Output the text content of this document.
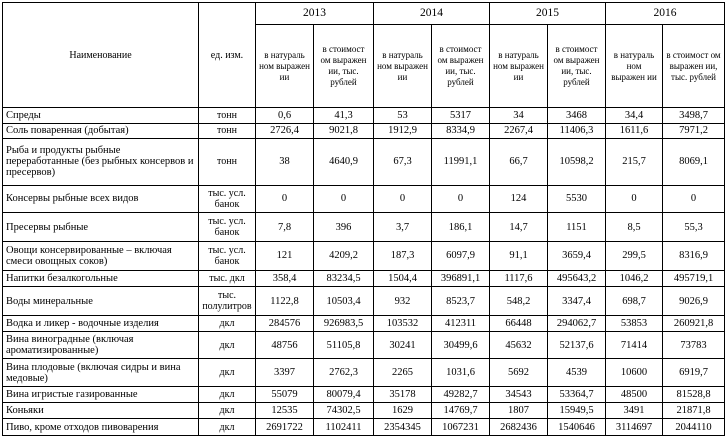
Наименование	ед. изм.	2013		2014		2015		2016	
		в натураль ном выражен ии	в стоимост ом выражен ии, тыс. рублей	в натураль ном выражен ии	в стоимост ом выражен ии, тыс. рублей	в натураль ном выражен ии	в стоимост ом выражен ии, тыс. рублей	в натураль ном выражен ии	в стоимост ом выражен ии, тыс. рублей
Спреды	тонн	0,6	41,3	53	5317	34	3468	34,4	3498,7
Соль поваренная (добытая)	тонн	2726,4	9021,8	1912,9	8334,9	2267,4	11406,3	1611,6	7971,2
Рыба и продукты рыбные переработанные (без рыбных консервов и пресервов)	тонн	38	4640,9	67,3	11991,1	66,7	10598,2	215,7	8069,1
Консервы рыбные всех видов	тыс. усл. банок	0	0	0	0	124	5530	0	0
Пресервы рыбные	тыс. усл. банок	7,8	396	3,7	186,1	14,7	1151	8,5	55,3
Овощи консервированные – включая смеси овощных соков)	тыс. усл. банок	121	4209,2	187,3	6097,9	91,1	3659,4	299,5	8316,9
Напитки безалкогольные	тыс. дкл	358,4	83234,5	1504,4	396891,1	1117,6	495643,2	1046,2	495719,1
Воды минеральные	тыс. полулитров	1122,8	10503,4	932	8523,7	548,2	3347,4	698,7	9026,9
Водка и ликер - водочные изделия	дкл	284576	926983,5	103532	412311	66448	294062,7	53853	260921,8
Вина виноградные (включая ароматизированные)	дкл	48756	51105,8	30241	30499,6	45632	52137,6	71414	73783
Вина плодовые (включая сидры и вина медовые)	дкл	3397	2762,3	2265	1031,6	5692	4539	10600	6919,7
Вина игристые газированные	дкл	55079	80079,4	35178	49282,7	34543	53364,7	48500	81528,8
Коньяки	дкл	12535	74302,5	1629	14769,7	1807	15949,5	3491	21871,8
Пиво, кроме отходов пивоварения	дкл	2691722	1102411	2354345	1067231	2682436	1540646	3114697	2044110
